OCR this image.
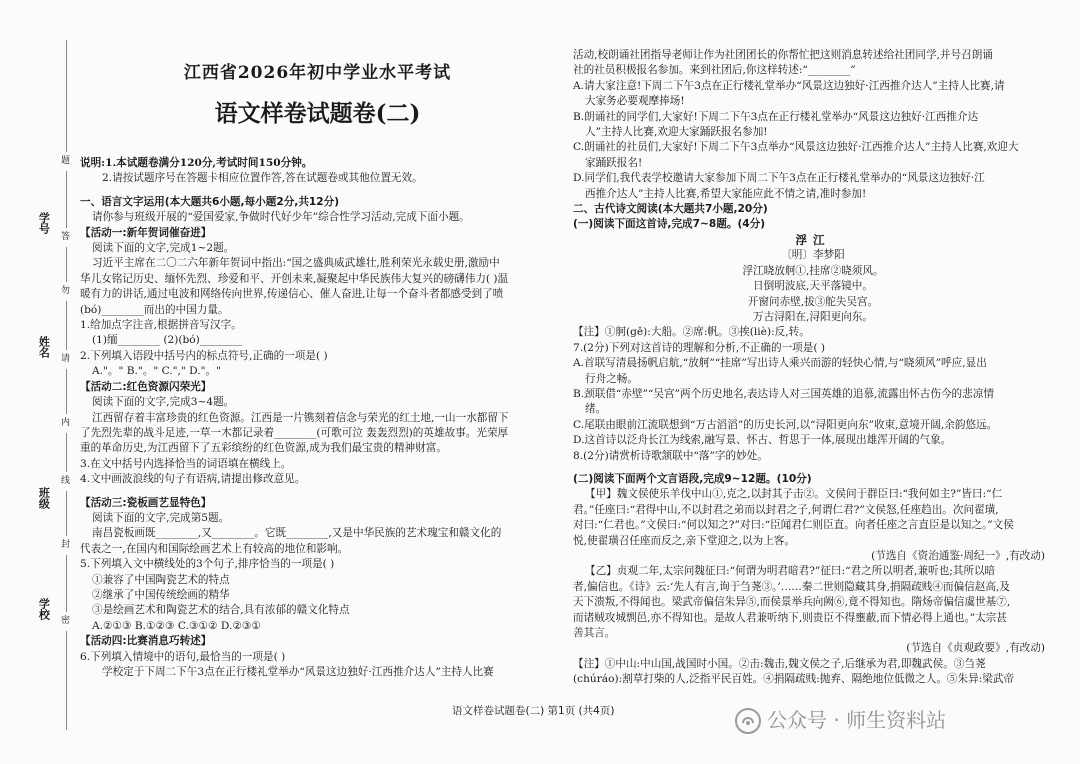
学号
姓名
班级
学校
题
答
勿
请
内
线
封
密
江西省2026年初中学业水平考试
语文样卷试题卷(二)

说明:1.本试题卷满分120分,考试时间150分钟。

2.请按试题序号在答题卡相应位置作答,答在试题卷或其他位置无效。

一、语言文字运用(本大题共6小题,每小题2分,共12分)

请你参与班级开展的“爱国爱家,争做时代好少年”综合性学习活动,完成下面小题。

【活动一:新年贺词催奋进】

阅读下面的文字,完成1~2题。

习近平主席在二〇二六年新年贺词中指出:“国之盛典威武雄壮,胜利荣光永载史册,激励中

华儿女铭记历史、缅怀先烈、珍爱和平、开创未来,凝聚起中华民族伟大复兴的磅礴伟力( )温

暖有力的讲话,通过电波和网络传向世界,传递信心、催人奋进,让每一个奋斗者都感受到了喷

(bó)________而出的中国力量。

1.给加点字注音,根据拼音写汉字。

(1)缅________ (2)(bó)________

2.下列填入语段中括号内的标点符号,正确的一项是( )

A."。" B."。" C."," D."。"

【活动二:红色资源闪荣光】

阅读下面的文字,完成3~4题。

江西留存着丰富珍贵的红色资源。江西是一片镌刻着信念与荣光的红土地,一山一水都留下

了先烈先辈的战斗足迹,一草一木都记录着________(可歌可泣 轰轰烈烈)的英雄故事。光荣厚

重的革命历史,为江西留下了五彩缤纷的红色资源,成为我们最宝贵的精神财富。

3.在文中括号内选择恰当的词语填在横线上。

4.文中画波浪线的句子有语病,请提出修改意见。

【活动三:瓷板画艺显特色】

阅读下面的文字,完成第5题。

南昌瓷板画既________,又________。它既________,又是中华民族的艺术瑰宝和赣文化的

代表之一,在国内和国际绘画艺术上有较高的地位和影响。

5.下列填入文中横线处的3个句子,排序恰当的一项是( )

①兼容了中国陶瓷艺术的特点

②继承了中国传统绘画的精华

③是绘画艺术和陶瓷艺术的结合,具有浓郁的赣文化特点

A.②①③ B.①②③ C.③①② D.②③①

【活动四:比赛消息巧转述】

6.下列填入情境中的语句,最恰当的一项是( )

学校定于下周二下午3点在正行楼礼堂举办“风景这边独好·江西推介达人”主持人比赛

活动,校朗诵社团指导老师让作为社团团长的你帮忙把这则消息转述给社团同学,并号召朗诵

社的社员积极报名参加。来到社团后,你这样转述:“________”

A.请大家注意!下周二下午3点在正行楼礼堂举办“风景这边独好·江西推介达人”主持人比赛,请

大家务必要观摩捧场!

B.朗诵社的同学们,大家好!下周二下午3点在正行楼礼堂举办“风景这边独好·江西推介达

人”主持人比赛,欢迎大家踊跃报名参加!

C.朗诵社的社员们,大家好!下周二下午3点举办“风景这边独好·江西推介达人”主持人比赛,欢迎大

家踊跃报名!

D.同学们,我代表学校邀请大家参加下周二下午3点在正行楼礼堂举办的“风景这边独好·江

西推介达人”主持人比赛,希望大家能应此不情之请,准时参加!

二、古代诗文阅读(本大题共7小题,20分)

(一)阅读下面这首诗,完成7~8题。(4分)

浮江

〔明〕李梦阳

浮江晓放舸①,挂席②晓须风。

日倒明波底,天平落镜中。

开窗问赤壁,拔③舵失吴宫。

万古浔阳在,浔阳更向东。

【注】①舸(gě):大船。②席:帆。③挨(liè):反,转。

7.(2分)下列对这首诗的理解和分析,不正确的一项是( )

A.首联写清晨扬帆启航,“放舸”“挂席”写出诗人乘兴而游的轻快心情,与“晓须风”呼应,显出

行舟之畅。

B.颈联借“赤壁”“吴宫”两个历史地名,表达诗人对三国英雄的追慕,流露出怀古伤今的悲凉情

绪。

C.尾联由眼前江流联想到“万古滔滔”的历史长河,以“浔阳更向东”收束,意境开阔,余韵悠远。

D.这首诗以泛舟长江为线索,融写景、怀古、哲思于一体,展现出雄浑开阔的气象。

8.(2分)请赏析诗歌颔联中“落”字的妙处。

(二)阅读下面两个文言语段,完成9~12题。(10分)

【甲】魏文侯使乐羊伐中山①,克之,以封其子击②。文侯问于群臣曰:“我何如主?”皆曰:“仁

君。”任座曰:“君得中山,不以封君之弟而以封君之子,何谓仁君?”文侯怒,任座趋出。次问翟璜,

对曰:“仁君也。”文侯曰:“何以知之?”对曰:“臣闻君仁则臣直。向者任座之言直臣是以知之。”文侯

悦,使翟璜召任座而反之,亲下堂迎之,以为上客。

(节选自《资治通鉴·周纪一》,有改动)

【乙】贞观二年,太宗问魏征曰:“何谓为明君暗君?”征曰:“君之所以明者,兼听也;其所以暗

者,偏信也。《诗》云:‘先人有言,询于刍荛③。’……秦二世则隐藏其身,捐隔疏贱④而偏信赵高,及

天下溃叛,不得闻也。梁武帝偏信朱异⑤,而侯景举兵向阙⑥,竟不得知也。隋炀帝偏信虞世基⑦,

而诸贼攻城剽邑,亦不得知也。是故人君兼听纳下,则贵臣不得壅蔽,而下情必得上通也。”太宗甚

善其言。

(节选自《贞观政要》,有改动)

【注】①中山:中山国,战国时小国。②击:魏击,魏文侯之子,后继承为君,即魏武侯。③刍荛

(chúráo):割草打柴的人,泛指平民百姓。④捐隔疏贱:抛弃、隔绝地位低微之人。⑤朱异:梁武帝

语文样卷试题卷(二) 第1页 (共4页)	公众号 · 师生资料站
